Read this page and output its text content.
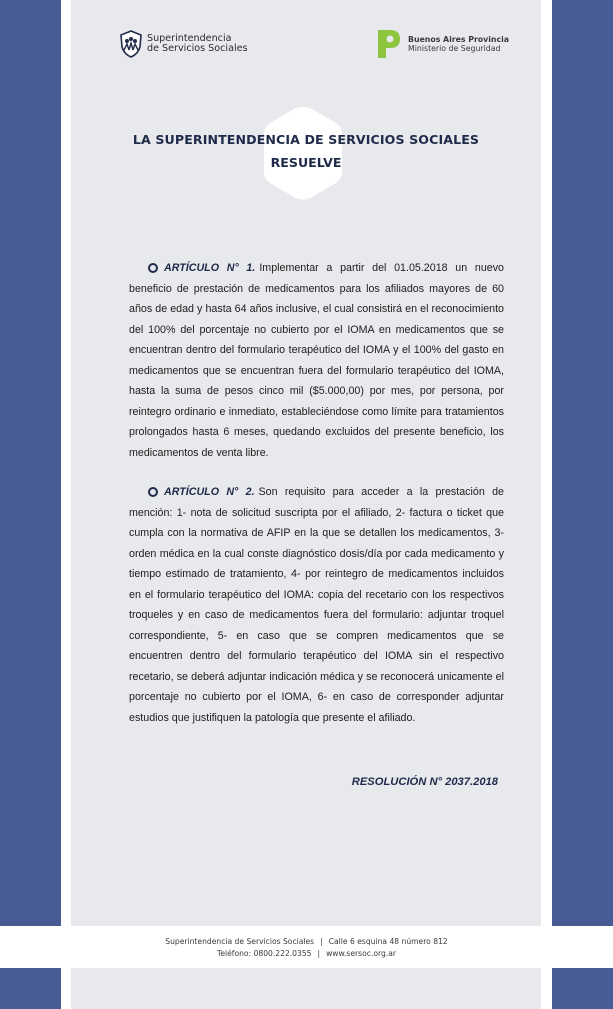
Superintendencia
de Servicios Sociales
Buenos Aires Provincia
Ministerio de Seguridad
LA SUPERINTENDENCIA DE SERVICIOS SOCIALES
RESUELVE
ARTÍCULO N° 1. Implementar a partir del 01.05.2018 un nuevo beneficio de prestación de medicamentos para los afiliados mayores de 60 años de edad y hasta 64 años inclusive, el cual consistirá en el reconocimiento del 100% del porcentaje no cubierto por el IOMA en medicamentos que se encuentran dentro del formulario terapéutico del IOMA y el 100% del gasto en medicamentos que se encuentran fuera del formulario terapéutico del IOMA, hasta la suma de pesos cinco mil ($5.000,00) por mes, por persona, por reintegro ordinario e inmediato, estableciéndose como límite para tratamientos prolongados hasta 6 meses, quedando excluidos del presente beneficio, los medicamentos de venta libre.
ARTÍCULO N° 2. Son requisito para acceder a la prestación de mención: 1- nota de solicitud suscripta por el afiliado, 2- factura o ticket que cumpla con la normativa de AFIP en la que se detallen los medicamentos, 3- orden médica en la cual conste diagnóstico dosis/día por cada medicamento y tiempo estimado de tratamiento, 4- por reintegro de medicamentos incluidos en el formulario terapéutico del IOMA: copia del recetario con los respectivos troqueles y en caso de medicamentos fuera del formulario: adjuntar troquel correspondiente, 5- en caso que se compren medicamentos que se encuentren dentro del formulario terapéutico del IOMA sin el respectivo recetario, se deberá adjuntar indicación médica y se reconocerá unicamente el porcentaje no cubierto por el IOMA, 6- en caso de corresponder adjuntar estudios que justifiquen la patología que presente el afiliado.
RESOLUCIÓN N° 2037.2018
Superintendencia de Servicios Sociales | Calle 6 esquina 48 número 812
Teléfono: 0800.222.0355 | www.sersoc.org.ar
